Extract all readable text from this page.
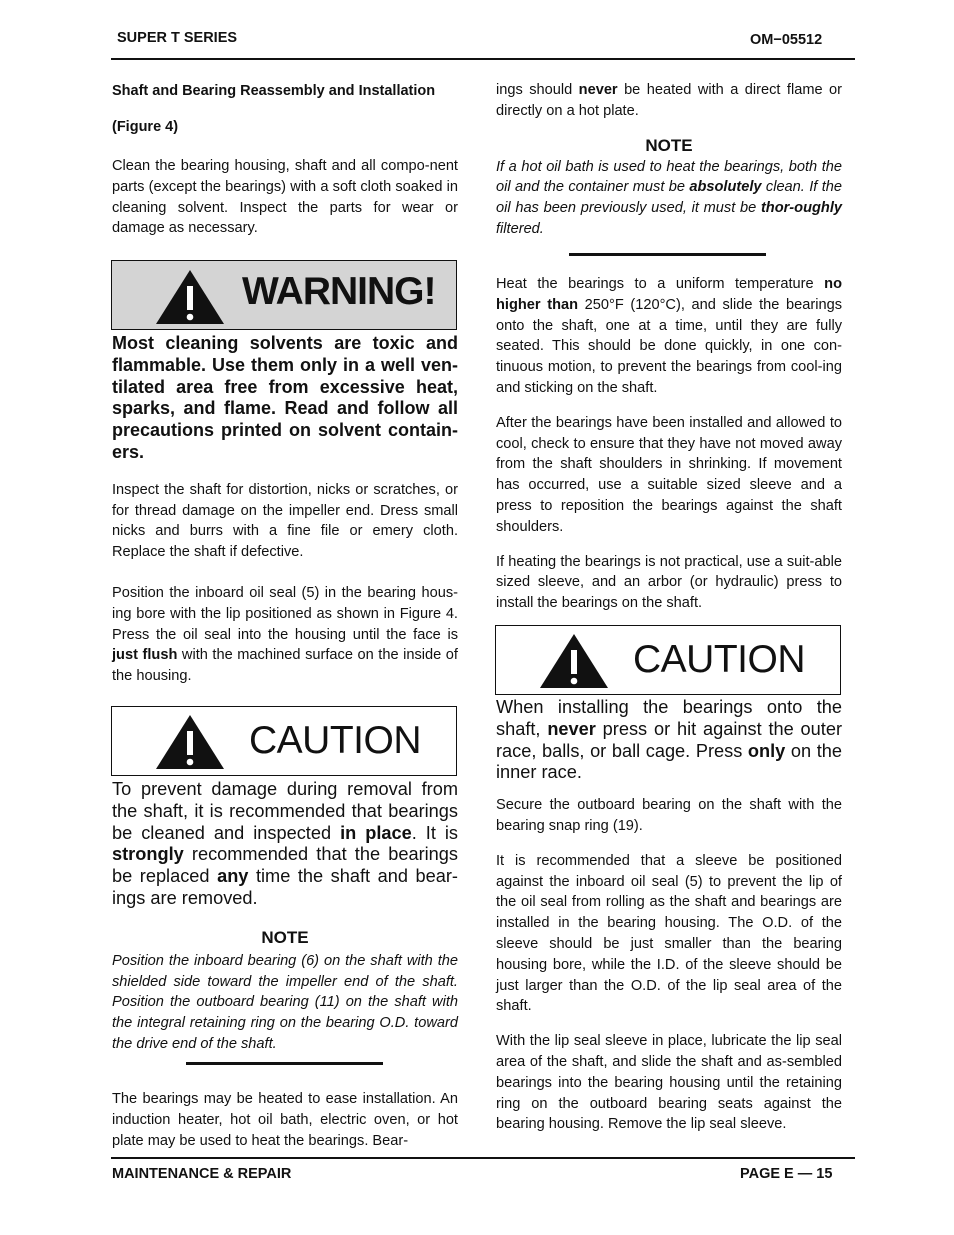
SUPER T SERIES	OM−05512

Shaft and Bearing Reassembly and Installation

(Figure 4)

Clean the bearing housing, shaft and all compo-nent parts (except the bearings) with a soft cloth soaked in cleaning solvent. Inspect the parts for wear or damage as necessary.

WARNING!

Most cleaning solvents are toxic and flammable. Use them only in a well ven-tilated area free from excessive heat, sparks, and flame. Read and follow all precautions printed on solvent contain-ers.

Inspect the shaft for distortion, nicks or scratches, or for thread damage on the impeller end. Dress small nicks and burrs with a fine file or emery cloth. Replace the shaft if defective.

Position the inboard oil seal (5) in the bearing hous-ing bore with the lip positioned as shown in Figure 4. Press the oil seal into the housing until the face is just flush with the machined surface on the inside of the housing.

CAUTION

To prevent damage during removal from the shaft, it is recommended that bearings be cleaned and inspected in place. It is strongly recommended that the bearings be replaced any time the shaft and bear-ings are removed.

NOTE

Position the inboard bearing (6) on the shaft with the shielded side toward the impeller end of the shaft. Position the outboard bearing (11) on the shaft with the integral retaining ring on the bearing O.D. toward the drive end of the shaft.

The bearings may be heated to ease installation. An induction heater, hot oil bath, electric oven, or hot plate may be used to heat the bearings. Bear-

ings should never be heated with a direct flame or directly on a hot plate.

NOTE

If a hot oil bath is used to heat the bearings, both the oil and the container must be absolutely clean. If the oil has been previously used, it must be thor-oughly filtered.

Heat the bearings to a uniform temperature no higher than 250°F (120°C), and slide the bearings onto the shaft, one at a time, until they are fully seated. This should be done quickly, in one con-tinuous motion, to prevent the bearings from cool-ing and sticking on the shaft.

After the bearings have been installed and allowed to cool, check to ensure that they have not moved away from the shaft shoulders in shrinking. If movement has occurred, use a suitable sized sleeve and a press to reposition the bearings against the shaft shoulders.

If heating the bearings is not practical, use a suit-able sized sleeve, and an arbor (or hydraulic) press to install the bearings on the shaft.

CAUTION

When installing the bearings onto the shaft, never press or hit against the outer race, balls, or ball cage. Press only on the inner race.

Secure the outboard bearing on the shaft with the bearing snap ring (19).

It is recommended that a sleeve be positioned against the inboard oil seal (5) to prevent the lip of the oil seal from rolling as the shaft and bearings are installed in the bearing housing. The O.D. of the sleeve should be just smaller than the bearing housing bore, while the I.D. of the sleeve should be just larger than the O.D. of the lip seal area of the shaft.

With the lip seal sleeve in place, lubricate the lip seal area of the shaft, and slide the shaft and as-sembled bearings into the bearing housing until the retaining ring on the outboard bearing seats against the bearing housing. Remove the lip seal sleeve.

MAINTENANCE & REPAIR	PAGE E — 15
